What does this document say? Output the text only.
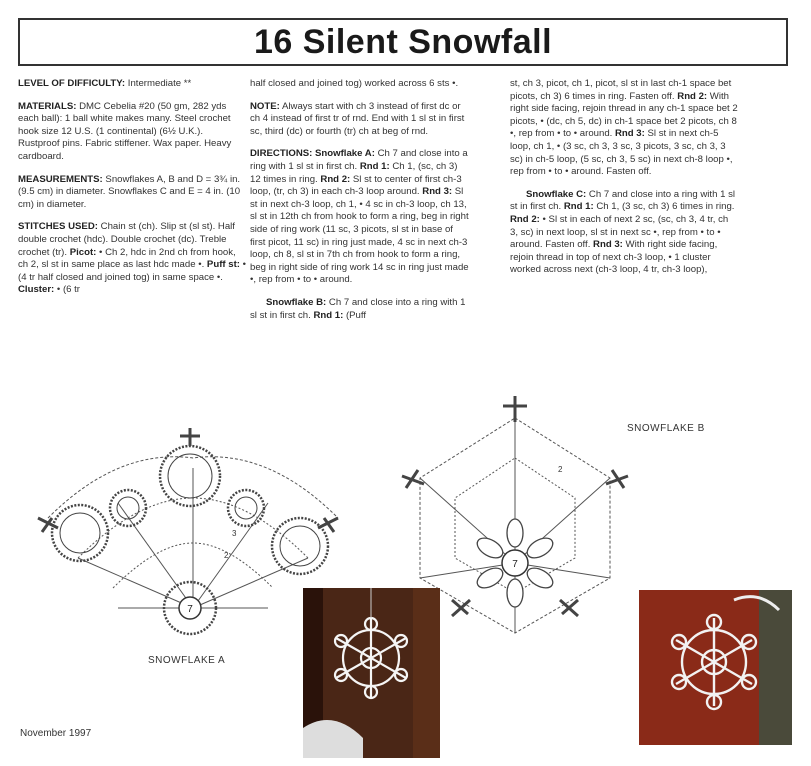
16 Silent Snowfall

LEVEL OF DIFFICULTY: Intermediate **

MATERIALS: DMC Cebelia #20 (50 gm, 282 yds each ball): 1 ball white makes many. Steel crochet hook size 12 U.S. (1 continental) (6½ U.K.). Rustproof pins. Fabric stiffener. Wax paper. Heavy cardboard.

MEASUREMENTS: Snowflakes A, B and D = 3¾ in. (9.5 cm) in diameter. Snowflakes C and E = 4 in. (10 cm) in diameter.

STITCHES USED: Chain st (ch). Slip st (sl st). Half double crochet (hdc). Double crochet (dc). Treble crochet (tr). Picot: • Ch 2, hdc in 2nd ch from hook, ch 2, sl st in same place as last hdc made •. Puff st: • (4 tr half closed and joined tog) in same space •. Cluster: • (6 tr

half closed and joined tog) worked across 6 sts •.

NOTE: Always start with ch 3 instead of first dc or ch 4 instead of first tr of rnd. End with 1 sl st in first sc, third (dc) or fourth (tr) ch at beg of rnd.

DIRECTIONS: Snowflake A: Ch 7 and close into a ring with 1 sl st in first ch. Rnd 1: Ch 1, (sc, ch 3) 12 times in ring. Rnd 2: Sl st to center of first ch-3 loop, (tr, ch 3) in each ch-3 loop around. Rnd 3: Sl st in next ch-3 loop, ch 1, • 4 sc in ch-3 loop, ch 13, sl st in 12th ch from hook to form a ring, beg in right side of ring work (11 sc, 3 picots, sl st in base of first picot, 11 sc) in ring just made, 4 sc in next ch-3 loop, ch 8, sl st in 7th ch from hook to form a ring, beg in right side of ring work 14 sc in ring just made •, rep from • to • around.

Snowflake B: Ch 7 and close into a ring with 1 sl st in first ch. Rnd 1: (Puff

st, ch 3, picot, ch 1, picot, sl st in last ch-1 space bet picots, ch 3) 6 times in ring. Fasten off. Rnd 2: With right side facing, rejoin thread in any ch-1 space bet 2 picots, • (dc, ch 5, dc) in ch-1 space bet 2 picots, ch 8 •, rep from • to • around. Rnd 3: Sl st in next ch-5 loop, ch 1, • (3 sc, ch 3, 3 sc, 3 picots, 3 sc, ch 3, 3 sc) in ch-5 loop, (5 sc, ch 3, 5 sc) in next ch-8 loop •, rep from • to • around. Fasten off.

Snowflake C: Ch 7 and close into a ring with 1 sl st in first ch. Rnd 1: Ch 1, (3 sc, ch 3) 6 times in ring. Rnd 2: • Sl st in each of next 2 sc, (sc, ch 3, 4 tr, ch 3, sc) in next loop, sl st in next sc •, rep from • to • around. Fasten off. Rnd 3: With right side facing, rejoin thread in top of next ch-3 loop, • 1 cluster worked across next (ch-3 loop, 4 tr, ch-3 loop),

7
2
3
SNOWFLAKE A
7
2
SNOWFLAKE B
November 1997
